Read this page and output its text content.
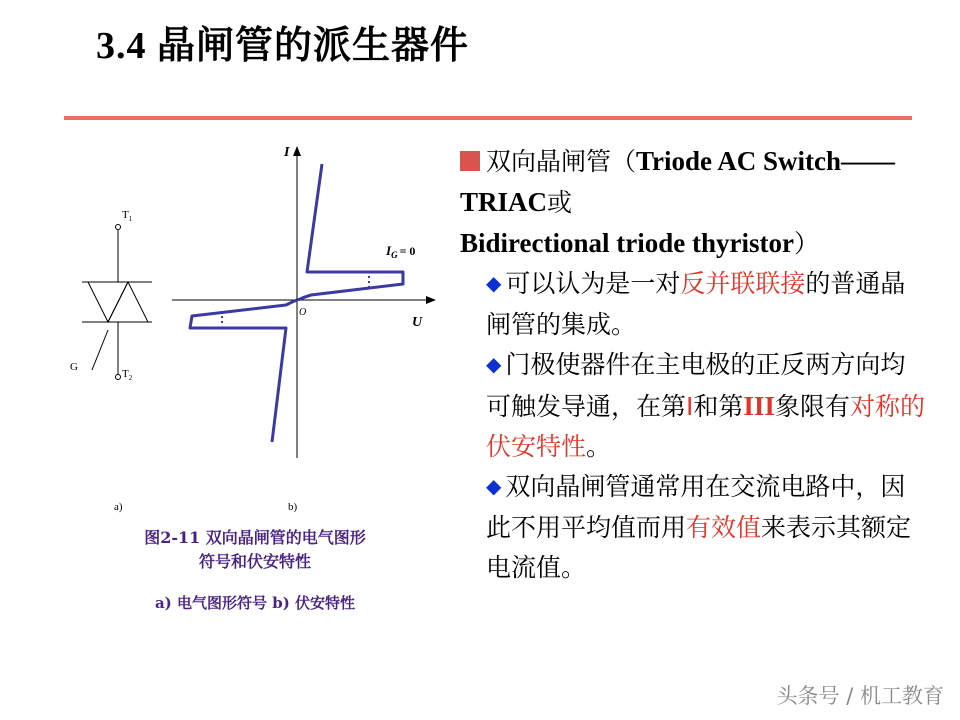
3.4 晶闸管的派生器件
$T_1$
$T_2$
G
a)	b)
I
U
O
$I_G = 0$
图2-11 双向晶闸管的电气图形
符号和伏安特性
a) 电气图形符号 b) 伏安特性

双向晶闸管（Triode AC Switch——TRIAC或
Bidirectional triode thyristor）

◆ 可以认为是一对反并联联接的普通晶闸管的集成。

◆ 门极使器件在主电极的正反两方向均可触发导通，在第Ⅰ和第III象限有对称的伏安特性。

◆ 双向晶闸管通常用在交流电路中，因此不用平均值而用有效值来表示其额定电流值。

头条号 / 机工教育
